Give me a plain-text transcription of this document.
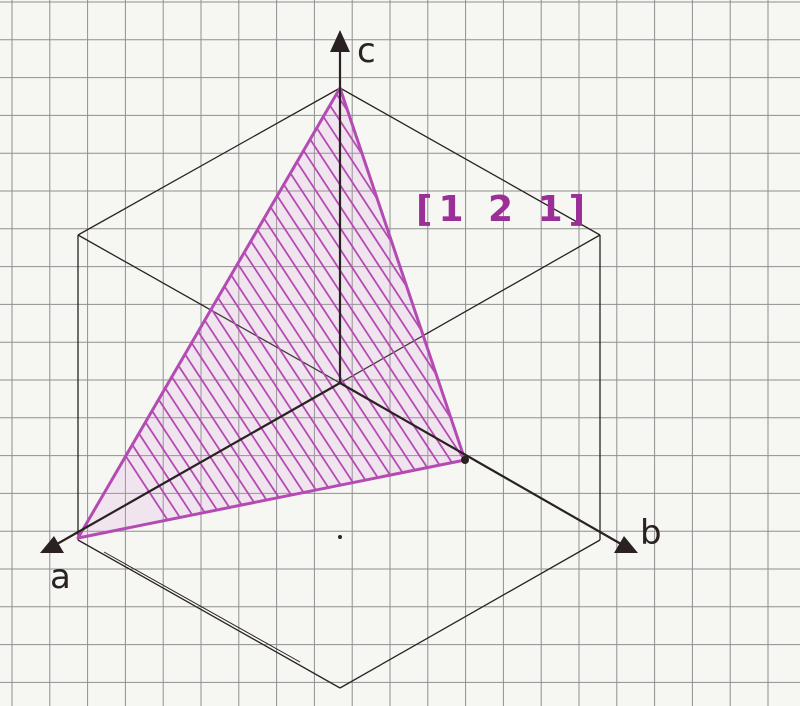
c
b
a
[1 2 1]
